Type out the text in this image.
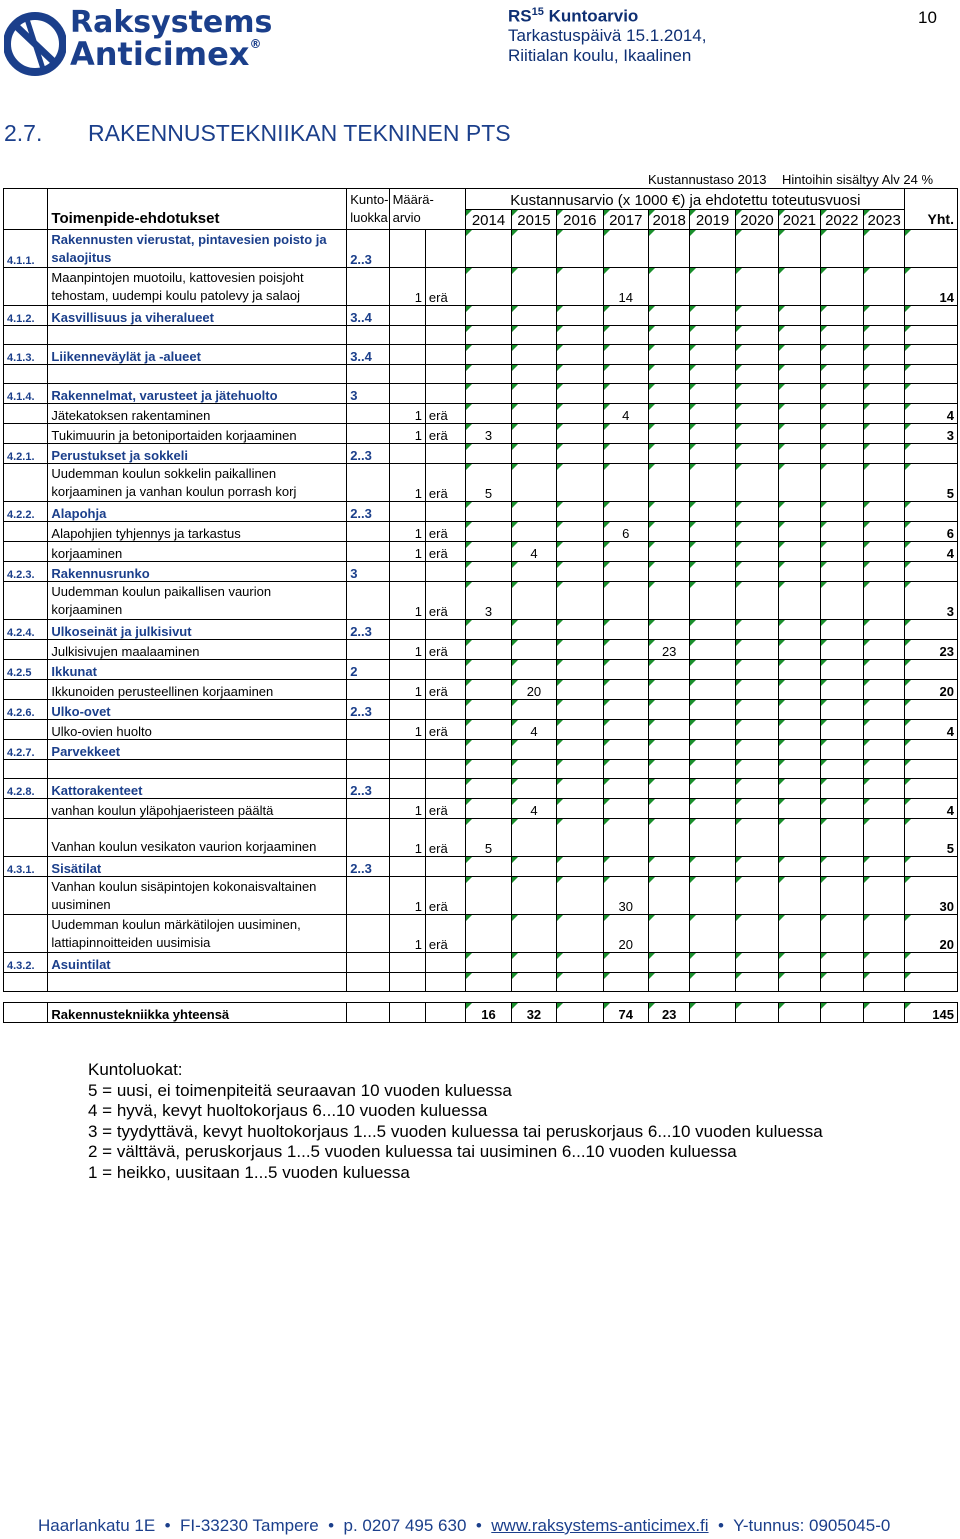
Raksystems
Anticimex®
RS$^{15}$ Kuntoarvio
Tarkastuspäivä 15.1.2014,
Riitialan koulu, Ikaalinen
10
2.7. RAKENNUSTEKNIIKAN TEKNINEN PTS
Kustannustaso 2013 Hintoihin sisältyy Alv 24 %
	Toimenpide-ehdotukset	Kunto-
luokka	Määrä-
arvio		Kustannusarvio (x 1000 €) ja ehdotettu toteutusvuosi										Yht.
					2014	2015	2016	2017	2018	2019	2020	2021	2022	2023	
4.1.1.	Rakennusten vierustat, pintavesien poisto ja salaojitus	2..3													
	Maanpintojen muotoilu, kattovesien poisjoht tehostam, uudempi koulu patolevy ja salaoj		1	erä				14							14
4.1.2.	Kasvillisuus ja viheralueet	3..4													

4.1.3.	Liikenneväylät ja -alueet	3..4													

4.1.4.	Rakennelmat, varusteet ja jätehuolto	3													
	Jätekatoksen rakentaminen		1	erä				4							4
	Tukimuurin ja betoniportaiden korjaaminen		1	erä	3										3
4.2.1.	Perustukset ja sokkeli	2..3													
	Uudemman koulun sokkelin paikallinen korjaaminen ja vanhan koulun porrash korj		1	erä	5										5
4.2.2.	Alapohja	2..3													
	Alapohjien tyhjennys ja tarkastus		1	erä				6							6
	korjaaminen		1	erä		4									4
4.2.3.	Rakennusrunko	3													
	Uudemman koulun paikallisen vaurion korjaaminen		1	erä	3										3
4.2.4.	Ulkoseinät ja julkisivut	2..3													
	Julkisivujen maalaaminen		1	erä					23						23
4.2.5	Ikkunat	2													
	Ikkunoiden perusteellinen korjaaminen		1	erä		20									20
4.2.6.	Ulko-ovet	2..3													
	Ulko-ovien huolto		1	erä		4									4
4.2.7.	Parvekkeet														

4.2.8.	Kattorakenteet	2..3													
	vanhan koulun yläpohjaeristeen päältä		1	erä		4									4
	Vanhan koulun vesikaton vaurion korjaaminen		1	erä	5										5
4.3.1.	Sisätilat	2..3													
	Vanhan koulun sisäpintojen kokonaisvaltainen uusiminen		1	erä				30							30
	Uudemman koulun märkätilojen uusiminen, lattiapinnoitteiden uusimisia		1	erä				20							20
4.3.2.	Asuintilat														

	Rakennustekniikka yhteensä				16	32		74	23						145
Kuntoluokat:
5 = uusi, ei toimenpiteitä seuraavan 10 vuoden kuluessa
4 = hyvä, kevyt huoltokorjaus 6...10 vuoden kuluessa
3 = tyydyttävä, kevyt huoltokorjaus 1...5 vuoden kuluessa tai peruskorjaus 6...10 vuoden kuluessa
2 = välttävä, peruskorjaus 1...5 vuoden kuluessa tai uusiminen 6...10 vuoden kuluessa
1 = heikko, uusitaan 1...5 vuoden kuluessa
Haarlankatu 1E  •  FI-33230 Tampere  •  p. 0207 495 630  •  www.raksystems-anticimex.fi  •  Y-tunnus: 0905045-0
